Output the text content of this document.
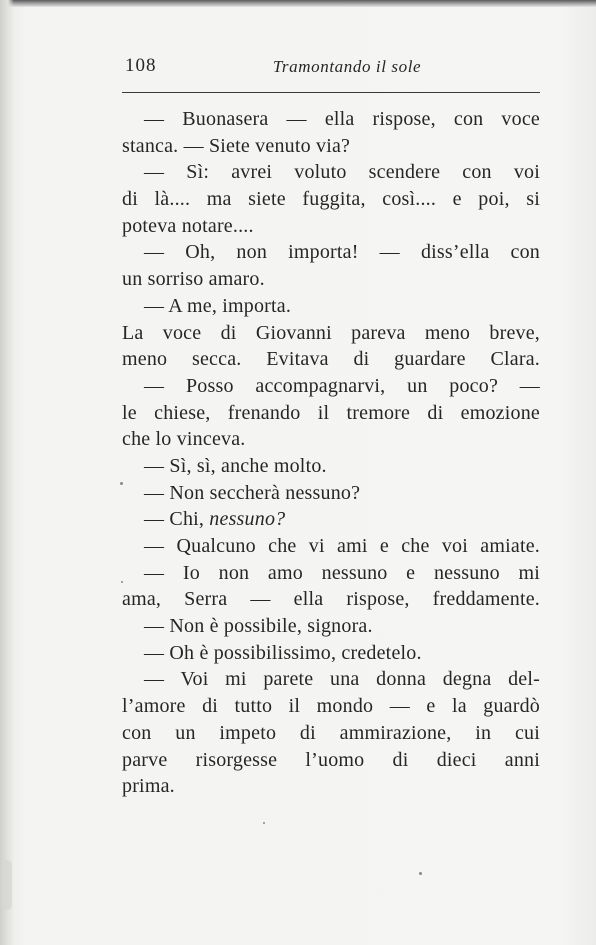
108	Tramontando il sole
— Buonasera — ella rispose, con voce
stanca. — Siete venuto via?
— Sì: avrei voluto scendere con voi
di là.... ma siete fuggita, così.... e poi, si
poteva notare....
— Oh, non importa! — diss’ella con
un sorriso amaro.
— A me, importa.
La voce di Giovanni pareva meno breve,
meno secca. Evitava di guardare Clara.
— Posso accompagnarvi, un poco? —
le chiese, frenando il tremore di emozione
che lo vinceva.
— Sì, sì, anche molto.
— Non seccherà nessuno?
— Chi, nessuno?
— Qualcuno che vi ami e che voi amiate.
— Io non amo nessuno e nessuno mi
ama, Serra — ella rispose, freddamente.
— Non è possibile, signora.
— Oh è possibilissimo, credetelo.
— Voi mi parete una donna degna del-
l’amore di tutto il mondo — e la guardò
con un impeto di ammirazione, in cui
parve risorgesse l’uomo di dieci anni
prima.
